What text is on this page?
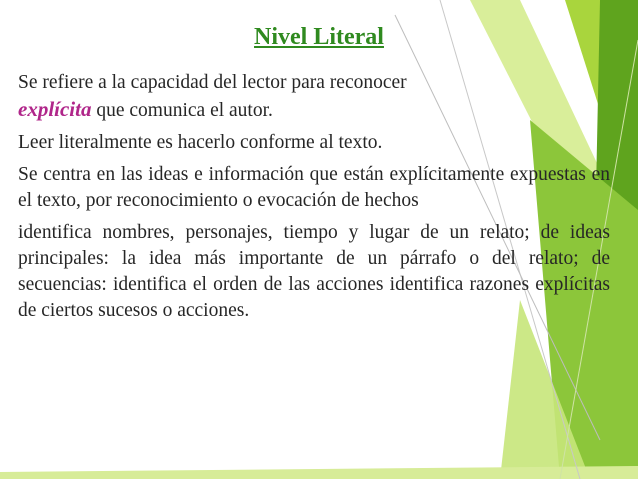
Nivel Literal

Se refiere a la capacidad del lector para reconocer
explícita que comunica el autor.

Leer literalmente es hacerlo conforme al texto.

Se centra en las ideas e información que están explícitamente expuestas en el texto, por reconocimiento o evocación de hechos

identifica nombres, personajes, tiempo y lugar de un relato; de ideas principales: la idea más importante de un párrafo o del relato; de secuencias: identifica el orden de las acciones identifica razones explícitas de ciertos sucesos o acciones.
